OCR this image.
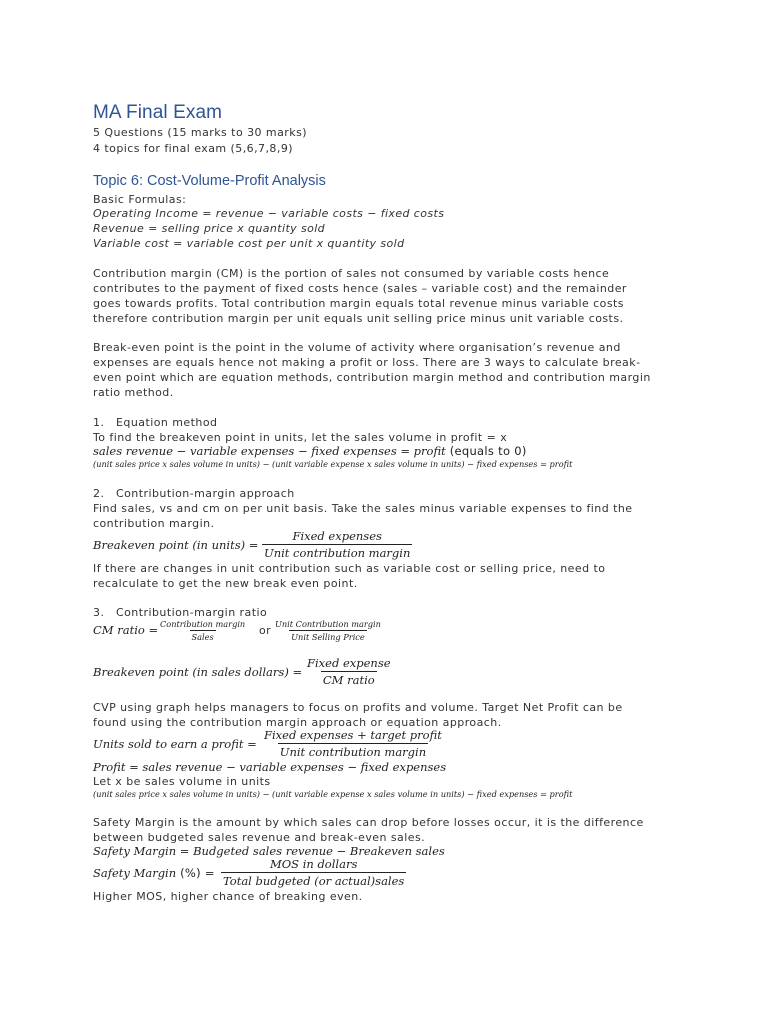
MA Final Exam
5 Questions (15 marks to 30 marks)
4 topics for final exam (5,6,7,8,9)
Topic 6: Cost-Volume-Profit Analysis
Basic Formulas:
Operating Income = revenue − variable costs − fixed costs
Revenue = selling price x quantity sold
Variable cost = variable cost per unit x quantity sold
Contribution margin (CM) is the portion of sales not consumed by variable costs hence
contributes to the payment of fixed costs hence (sales – variable cost) and the remainder
goes towards profits. Total contribution margin equals total revenue minus variable costs
therefore contribution margin per unit equals unit selling price minus unit variable costs.
Break-even point is the point in the volume of activity where organisation’s revenue and
expenses are equals hence not making a profit or loss. There are 3 ways to calculate break-
even point which are equation methods, contribution margin method and contribution margin
ratio method.
1. Equation method
To find the breakeven point in units, let the sales volume in profit = x
sales revenue − variable expenses − fixed expenses = profit (equals to 0)
(unit sales price x sales volume in units) − (unit variable expense x sales volume in units) − fixed expenses = profit
2. Contribution-margin approach
Find sales, vs and cm on per unit basis. Take the sales minus variable expenses to find the
contribution margin.
Breakeven point (in units) =
Fixed expenses
Unit contribution margin
If there are changes in unit contribution such as variable cost or selling price, need to
recalculate to get the new break even point.
3. Contribution-margin ratio
CM ratio = Contribution margin
Sales	or Unit Contribution margin
Unit Selling Price
Breakeven point (in sales dollars) =
Fixed expense
CM ratio
CVP using graph helps managers to focus on profits and volume. Target Net Profit can be
found using the contribution margin approach or equation approach.
Units sold to earn a profit =
Fixed expenses + target profit
Unit contribution margin
Profit = sales revenue − variable expenses − fixed expenses
Let x be sales volume in units
(unit sales price x sales volume in units) − (unit variable expense x sales volume in units) − fixed expenses = profit
Safety Margin is the amount by which sales can drop before losses occur, it is the difference
between budgeted sales revenue and break-even sales.
Safety Margin = Budgeted sales revenue − Breakeven sales
Safety Margin (%) =
MOS in dollars
Total budgeted (or actual)sales
Higher MOS, higher chance of breaking even.
